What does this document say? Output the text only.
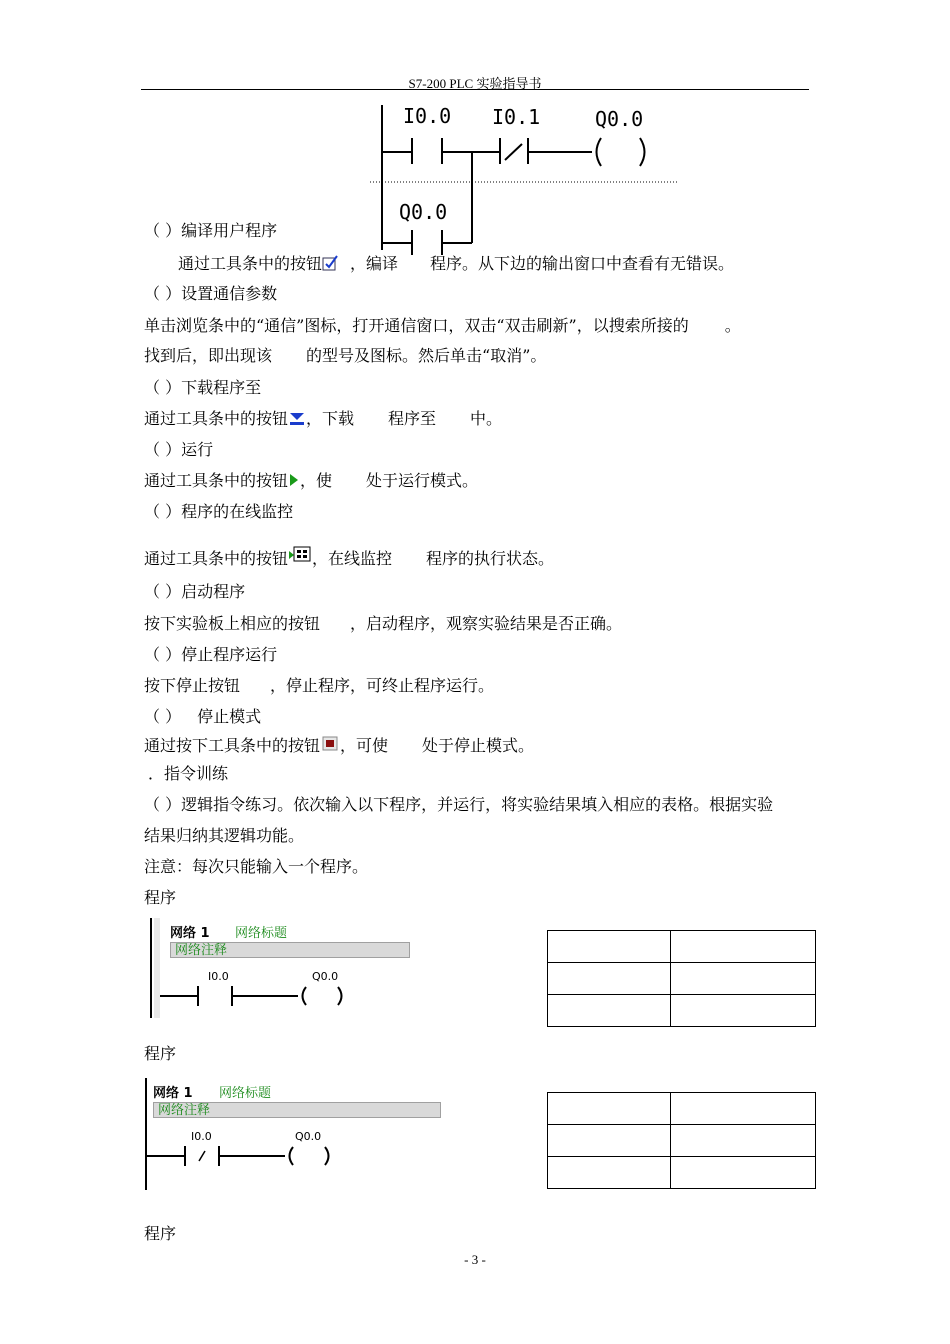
S7-200 PLC 实验指导书
I0.0 I0.1	Q0.0
Q0.0
（ ）编译用户程序
通过工具条中的按钮 ，编译 程序。从下边的输出窗口中查看有无错误。
（ ）设置通信参数
单击浏览条中的“通信”图标，打开通信窗口，双击“双击刷新”，以搜索所接的 。
找到后，即出现该 的型号及图标。然后单击“取消”。
（ ）下载程序至
通过工具条中的按钮 ，下载 程序至 中。
（ ）运行
通过工具条中的按钮 ，使 处于运行模式。
（ ）程序的在线监控
通过工具条中的按钮 ，在线监控 程序的执行状态。
（ ）启动程序
按下实验板上相应的按钮 ，启动程序，观察实验结果是否正确。
（ ）停止程序运行
按下停止按钮 ，停止程序，可终止程序运行。
（ ） 停止模式
通过按下工具条中的按钮 ，可使 处于停止模式。
．指令训练
（ ）逻辑指令练习。依次输入以下程序，并运行，将实验结果填入相应的表格。根据实验
结果归纳其逻辑功能。
注意：每次只能输入一个程序。
程序
网络 1 网络标题
网络注释
I0.0	Q0.0

程序
网络 1 网络标题
网络注释
I0.0	Q0.0

程序
- 3 -
